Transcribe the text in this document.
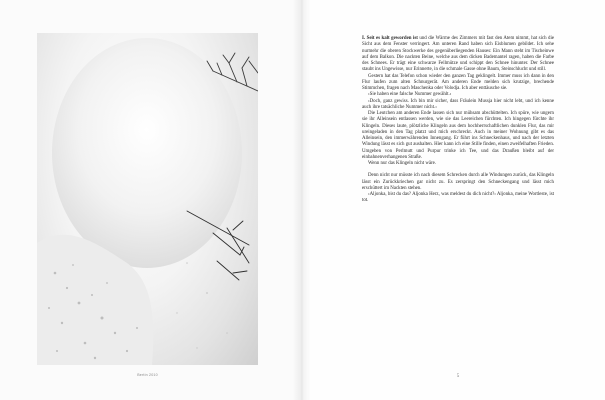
Bertin 2010

I. Seit es kalt geworden ist und die Wärme des Zimmers mit fast den Atem nimmt, hat sich die Sicht aus dem Fenster verringert. Am unteren Rand haben sich Eisblumen gebildet. Ich sehe nurmehr die oberen Stockwerke des gegenüberliegenden Hauses: Ein Mann steht im Tischeinwe auf dem Balkon. Die nackten Beine, welche aus dem dicken Bademantel ragen, haben die Farbe des Schnees. Er trägt eine schwarze Fellmütze und schippt den Schnee hinunter. Der Schnee staubt ins Ungewisse, nur Erinnerte, in die schmale Gasse ohne Baum, Steinschlucht und still.

Gestern hat das Telefon schon wieder den ganzen Tag geklingelt. Immer muss ich dann in den Flur laufen zum alten Schnurgerät. Am anderen Ende melden sich krutzige, brechende Stimmchen, fragen nach Maschenka oder Volodja. Ich aber enttäusche sie.

›Sie haben eine falsche Nummer gewählt.‹

›Doch, ganz gewiss. Ich bin mir sicher, dass Fräulein Mussja hier nicht lebt, und ich kenne auch ihre tatsächliche Nummer nicht.‹

Die Leutchen am anderen Ende lassen sich nur mühsam abschüttelten. Ich spüre, wie ungern sie ihr Alleinsein entlassen werden, wie sie das Leereichen fürchten. Ich hingegen fürchte ihr Klingeln. Dieses laute, plötzliche Klingeln aus dem hochherrschaftlichen dunklen Flur, das mir ureingeladen in den Tag platzt und mich erschreckt. Auch in meiner Wohnung gibt es das Alleinsein, den immerwährenden Innengang. Er führt ins Schneckenhaus, und nach der letzten Windung lässt es sich gut aushalten. Hier kann ich eine Stille finden, einen zweifelhaften Frieden. Umgeben von Perlmutt und Purpur trinke ich Tee, und das Draußen bleibt auf der einbahnenverhangenen Straße.

Wenn nur das Klingeln nicht wäre.

Denn nicht nur müsste ich nach diesem Schrecken durch alle Windungen zurück, das Klingeln lässt ein Zurückkriechen gar nicht zu. Es zerspringt den Schneckengang und lässt mich erschüttert im Nackten stehen.

›Aljonka, bist du das? Aljonka Herz, was meldest du dich nicht?‹ Aljonka, meine Wortleste, ist tot.

5
